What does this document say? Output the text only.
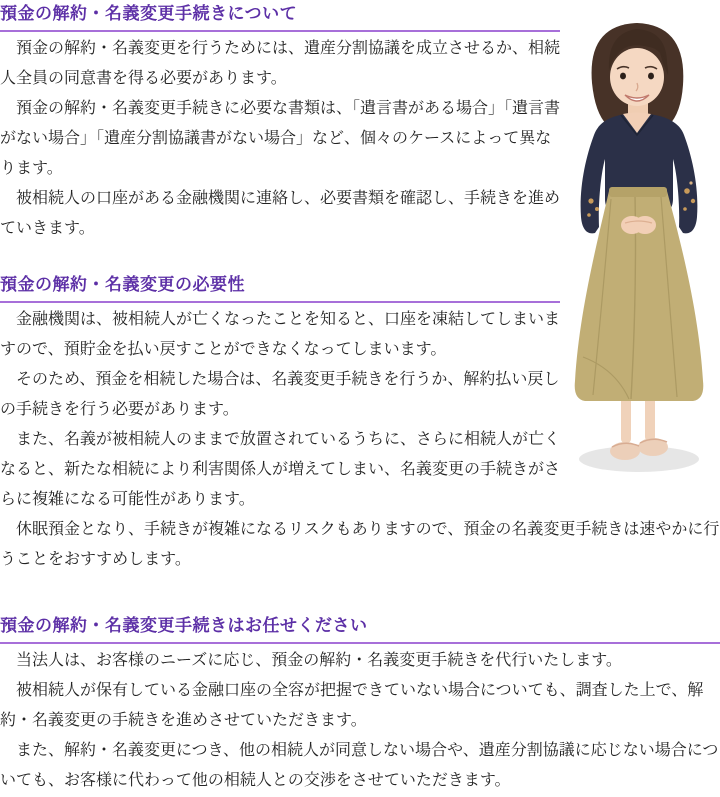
預金の解約・名義変更手続きについて

預金の解約・名義変更を行うためには、遺産分割協議を成立させるか、相続人全員の同意書を得る必要があります。

預金の解約・名義変更手続きに必要な書類は、「遺言書がある場合」「遺言書がない場合」「遺産分割協議書がない場合」など、個々のケースによって異なります。

被相続人の口座がある金融機関に連絡し、必要書類を確認し、手続きを進めていきます。

預金の解約・名義変更の必要性

金融機関は、被相続人が亡くなったことを知ると、口座を凍結してしまいますので、預貯金を払い戻すことができなくなってしまいます。

そのため、預金を相続した場合は、名義変更手続きを行うか、解約払い戻しの手続きを行う必要があります。

また、名義が被相続人のままで放置されているうちに、さらに相続人が亡くなると、新たな相続により利害関係人が増えてしまい、名義変更の手続きがさらに複雑になる可能性があります。

休眠預金となり、手続きが複雑になるリスクもありますので、預金の名義変更手続きは速やかに行うことをおすすめします。

預金の解約・名義変更手続きはお任せください

当法人は、お客様のニーズに応じ、預金の解約・名義変更手続きを代行いたします。

被相続人が保有している金融口座の全容が把握できていない場合についても、調査した上で、解約・名義変更の手続きを進めさせていただきます。

また、解約・名義変更につき、他の相続人が同意しない場合や、遺産分割協議に応じない場合についても、お客様に代わって他の相続人との交渉をさせていただきます。
